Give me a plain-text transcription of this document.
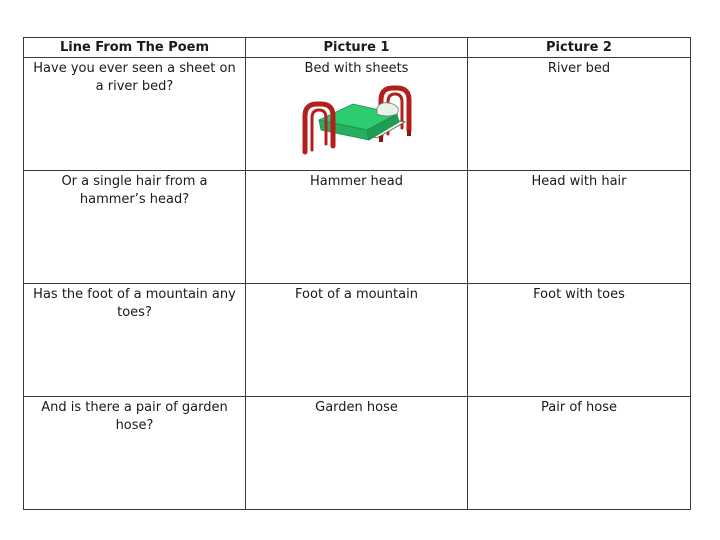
Line From The Poem	Picture 1	Picture 2
Have you ever seen a sheet on a river bed?	Bed with sheets	River bed
Or a single hair from a hammer’s head?	Hammer head	Head with hair
Has the foot of a mountain any toes?	Foot of a mountain	Foot with toes
And is there a pair of garden hose?	Garden hose	Pair of hose
